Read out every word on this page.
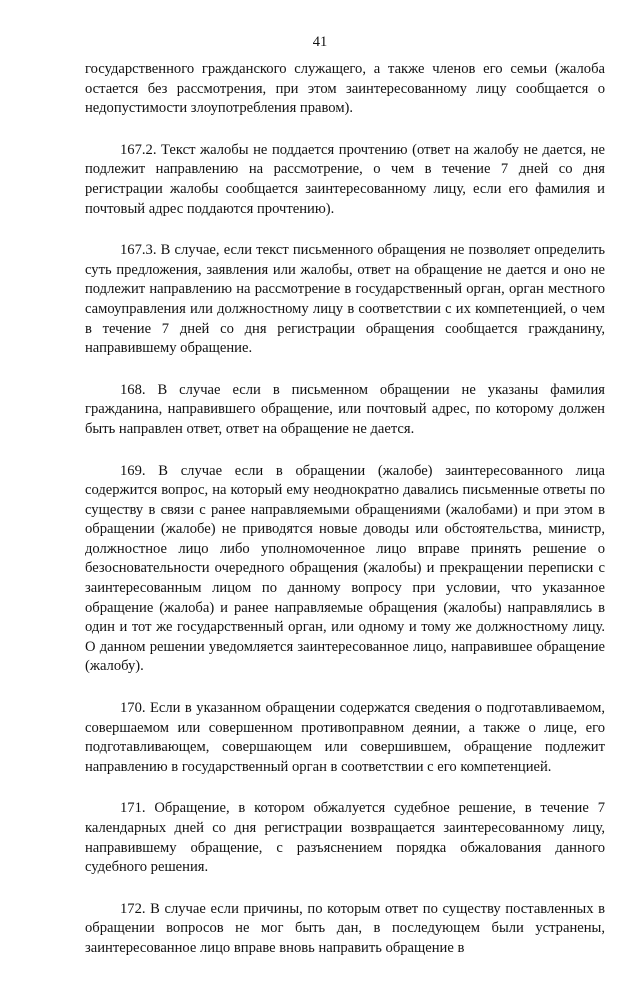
41

государственного гражданского служащего, а также членов его семьи (жалоба остается без рассмотрения, при этом заинтересованному лицу сообщается о недопустимости злоупотребления правом).

167.2. Текст жалобы не поддается прочтению (ответ на жалобу не дается, не подлежит направлению на рассмотрение, о чем в течение 7 дней со дня регистрации жалобы сообщается заинтересованному лицу, если его фамилия и почтовый адрес поддаются прочтению).

167.3. В случае, если текст письменного обращения не позволяет определить суть предложения, заявления или жалобы, ответ на обращение не дается и оно не подлежит направлению на рассмотрение в государственный орган, орган местного самоуправления или должностному лицу в соответствии с их компетенцией, о чем в течение 7 дней со дня регистрации обращения сообщается гражданину, направившему обращение.

168. В случае если в письменном обращении не указаны фамилия гражданина, направившего обращение, или почтовый адрес, по которому должен быть направлен ответ, ответ на обращение не дается.

169. В случае если в обращении (жалобе) заинтересованного лица содержится вопрос, на который ему неоднократно давались письменные ответы по существу в связи с ранее направляемыми обращениями (жалобами) и при этом в обращении (жалобе) не приводятся новые доводы или обстоятельства, министр, должностное лицо либо уполномоченное лицо вправе принять решение о безосновательности очередного обращения (жалобы) и прекращении переписки с заинтересованным лицом по данному вопросу при условии, что указанное обращение (жалоба) и ранее направляемые обращения (жалобы) направлялись в один и тот же государственный орган, или одному и тому же должностному лицу. О данном решении уведомляется заинтересованное лицо, направившее обращение (жалобу).

170. Если в указанном обращении содержатся сведения о подготавливаемом, совершаемом или совершенном противоправном деянии, а также о лице, его подготавливающем, совершающем или совершившем, обращение подлежит направлению в государственный орган в соответствии с его компетенцией.

171. Обращение, в котором обжалуется судебное решение, в течение 7 календарных дней со дня регистрации возвращается заинтересованному лицу, направившему обращение, с разъяснением порядка обжалования данного судебного решения.

172. В случае если причины, по которым ответ по существу поставленных в обращении вопросов не мог быть дан, в последующем были устранены, заинтересованное лицо вправе вновь направить обращение в
